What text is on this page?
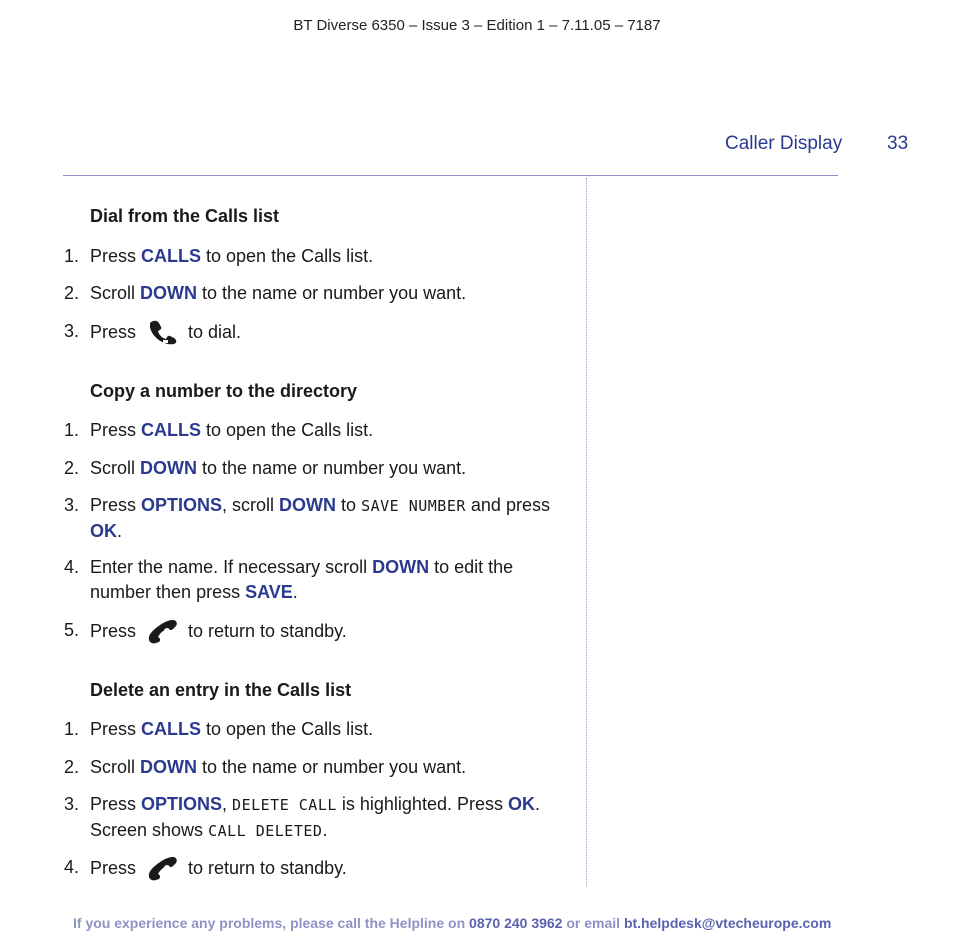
BT Diverse 6350 – Issue 3 – Edition 1 – 7.11.05 – 7187
Caller Display 33
Dial from the Calls list
1. Press CALLS to open the Calls list.
2. Scroll DOWN to the name or number you want.
3. Press  to dial.
Copy a number to the directory
1. Press CALLS to open the Calls list.
2. Scroll DOWN to the name or number you want.
3. Press OPTIONS, scroll DOWN to SAVE NUMBER and press OK.
4. Enter the name. If necessary scroll DOWN to edit the number then press SAVE.
5. Press  to return to standby.
Delete an entry in the Calls list
1. Press CALLS to open the Calls list.
2. Scroll DOWN to the name or number you want.
3. Press OPTIONS, DELETE CALL is highlighted. Press OK. Screen shows CALL DELETED.
4. Press  to return to standby.
If you experience any problems, please call the Helpline on 0870 240 3962 or email bt.helpdesk@vtecheurope.com
